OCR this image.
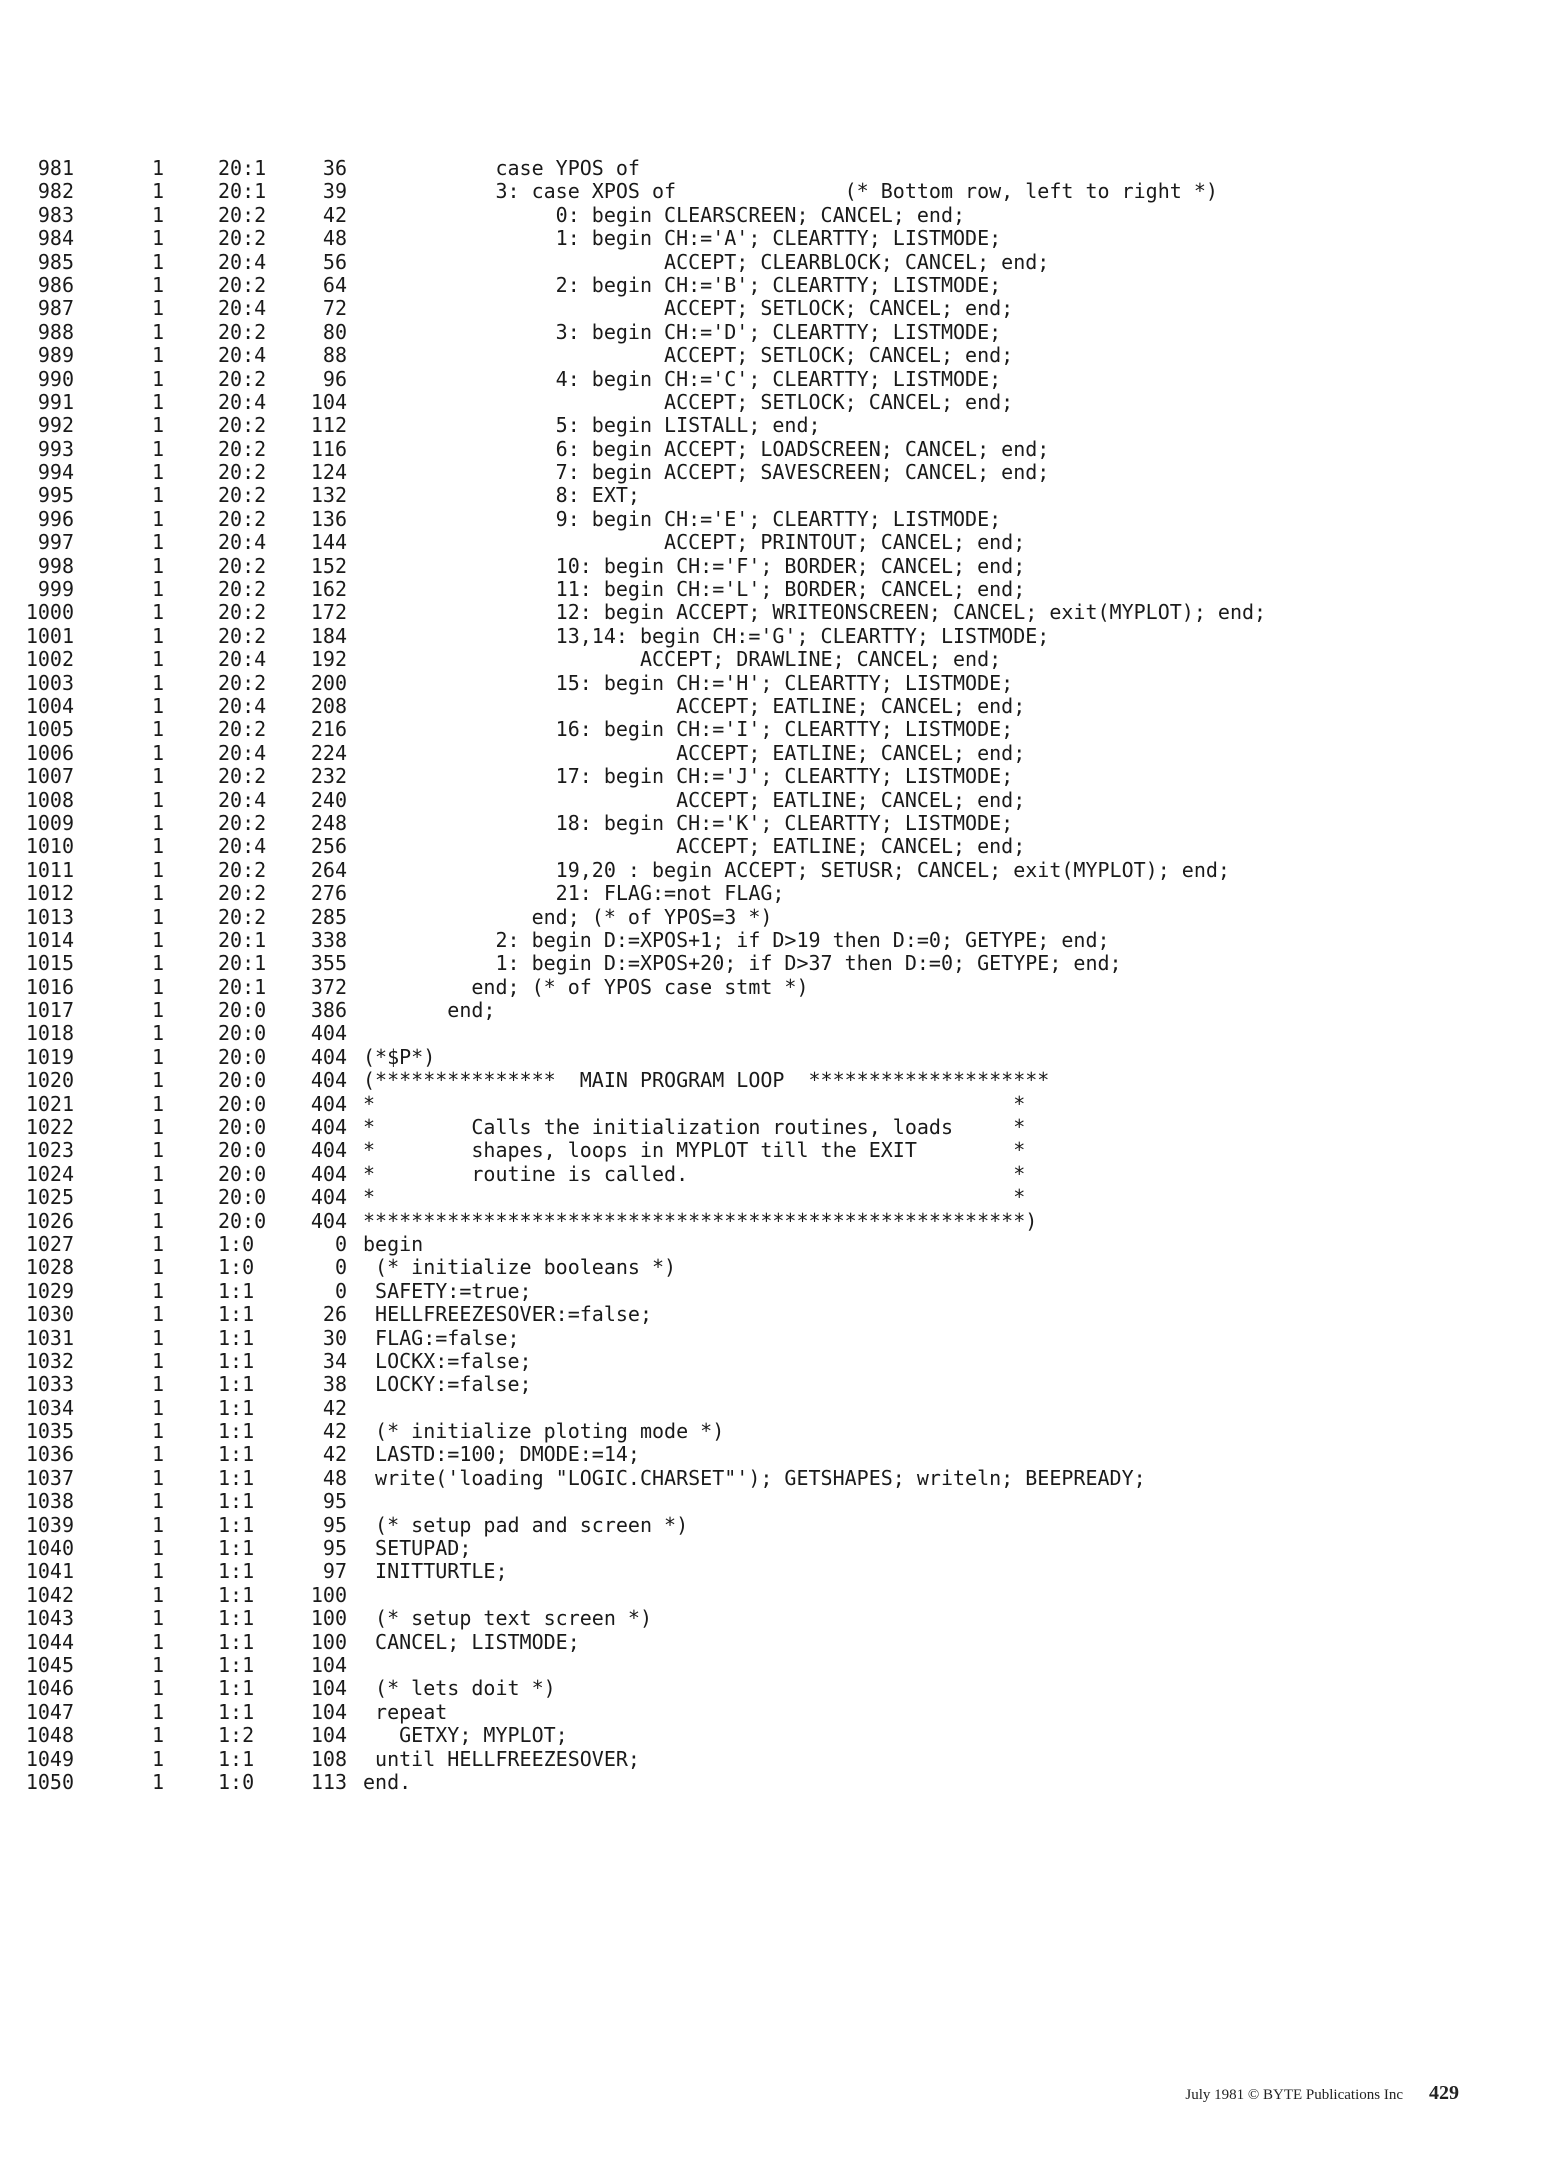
981	1	20:1	36 case YPOS of
982	1	20:1	39 3: case XPOS of              (* Bottom row, left to right *)
983	1	20:2	42 0: begin CLEARSCREEN; CANCEL; end;
984	1	20:2	48 1: begin CH:='A'; CLEARTTY; LISTMODE;
985	1	20:4	56 ACCEPT; CLEARBLOCK; CANCEL; end;
986	1	20:2	64 2: begin CH:='B'; CLEARTTY; LISTMODE;
987	1	20:4	72 ACCEPT; SETLOCK; CANCEL; end;
988	1	20:2	80 3: begin CH:='D'; CLEARTTY; LISTMODE;
989	1	20:4	88 ACCEPT; SETLOCK; CANCEL; end;
990	1	20:2	96 4: begin CH:='C'; CLEARTTY; LISTMODE;
991	1	20:4 104 ACCEPT; SETLOCK; CANCEL; end;
992	1	20:2 112 5: begin LISTALL; end;
993	1	20:2 116 6: begin ACCEPT; LOADSCREEN; CANCEL; end;
994	1	20:2 124 7: begin ACCEPT; SAVESCREEN; CANCEL; end;
995	1	20:2 132 8: EXT;
996	1	20:2 136 9: begin CH:='E'; CLEARTTY; LISTMODE;
997	1	20:4 144 ACCEPT; PRINTOUT; CANCEL; end;
998	1	20:2 152 10: begin CH:='F'; BORDER; CANCEL; end;
999	1	20:2 162 11: begin CH:='L'; BORDER; CANCEL; end;
1000	1	20:2 172 12: begin ACCEPT; WRITEONSCREEN; CANCEL; exit(MYPLOT); end;
1001	1	20:2 184 13,14: begin CH:='G'; CLEARTTY; LISTMODE;
1002	1	20:4 192 ACCEPT; DRAWLINE; CANCEL; end;
1003	1	20:2 200 15: begin CH:='H'; CLEARTTY; LISTMODE;
1004	1	20:4 208 ACCEPT; EATLINE; CANCEL; end;
1005	1	20:2 216 16: begin CH:='I'; CLEARTTY; LISTMODE;
1006	1	20:4 224 ACCEPT; EATLINE; CANCEL; end;
1007	1	20:2 232 17: begin CH:='J'; CLEARTTY; LISTMODE;
1008	1	20:4 240 ACCEPT; EATLINE; CANCEL; end;
1009	1	20:2 248 18: begin CH:='K'; CLEARTTY; LISTMODE;
1010	1	20:4 256 ACCEPT; EATLINE; CANCEL; end;
1011	1	20:2 264 19,20 : begin ACCEPT; SETUSR; CANCEL; exit(MYPLOT); end;
1012	1	20:2 276 21: FLAG:=not FLAG;
1013	1	20:2 285 end; (* of YPOS=3 *)
1014	1	20:1 338 2: begin D:=XPOS+1; if D>19 then D:=0; GETYPE; end;
1015	1	20:1 355 1: begin D:=XPOS+20; if D>37 then D:=0; GETYPE; end;
1016	1	20:1 372 end; (* of YPOS case stmt *)
1017	1	20:0 386 end;
1018	1	20:0 404
1019	1	20:0 404 (*$P*)
1020	1	20:0 404 (***************  MAIN PROGRAM LOOP  ********************
1021	1	20:0 404 *                                                     *
1022	1	20:0 404 *        Calls the initialization routines, loads     *
1023	1	20:0 404 *        shapes, loops in MYPLOT till the EXIT        *
1024	1	20:0 404 *        routine is called.                           *
1025	1	20:0 404 *                                                     *
1026	1	20:0 404 *******************************************************)
1027	1	1:0	0 begin
1028	1	1:0	0 (* initialize booleans *)
1029	1	1:1	0 SAFETY:=true;
1030	1	1:1	26 HELLFREEZESOVER:=false;
1031	1	1:1	30 FLAG:=false;
1032	1	1:1	34 LOCKX:=false;
1033	1	1:1	38 LOCKY:=false;
1034	1	1:1	42
1035	1	1:1	42 (* initialize ploting mode *)
1036	1	1:1	42 LASTD:=100; DMODE:=14;
1037	1	1:1	48 write('loading "LOGIC.CHARSET"'); GETSHAPES; writeln; BEEPREADY;
1038	1	1:1	95
1039	1	1:1	95 (* setup pad and screen *)
1040	1	1:1	95 SETUPAD;
1041	1	1:1	97 INITTURTLE;
1042	1	1:1	100
1043	1	1:1	100 (* setup text screen *)
1044	1	1:1	100 CANCEL; LISTMODE;
1045	1	1:1	104
1046	1	1:1	104 (* lets doit *)
1047	1	1:1	104 repeat
1048	1	1:2	104 GETXY; MYPLOT;
1049	1	1:1	108 until HELLFREEZESOVER;
1050	1	1:0	113 end.
July 1981 © BYTE Publications Inc 429
